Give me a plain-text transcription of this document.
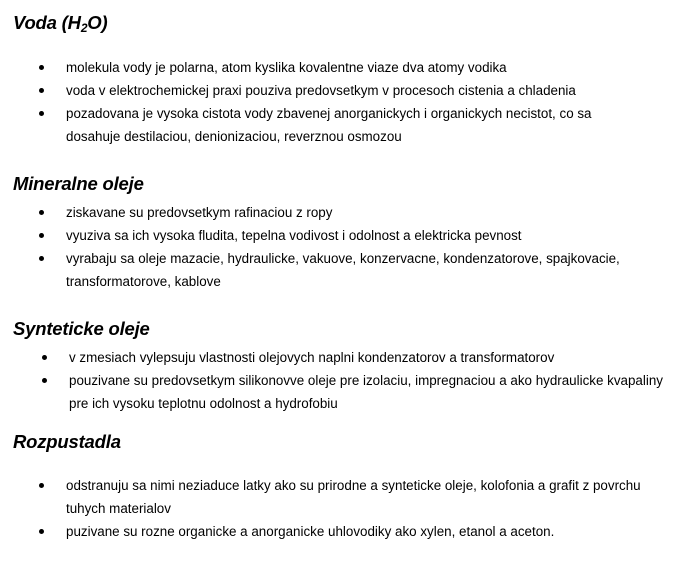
Voda $(H_2O)$
molekula vody je polarna, atom kyslika kovalentne viaze dva atomy vodika
voda v elektrochemickej praxi pouziva predovsetkym v procesoch cistenia a chladenia
pozadovana je vysoka cistota vody zbavenej anorganickych i organickych necistot, co sa dosahuje destilaciou, denionizaciou, reverznou osmozou
Mineralne oleje
ziskavane su predovsetkym rafinaciou z ropy
vyuziva sa ich vysoka fludita, tepelna vodivost i odolnost a elektricka pevnost
vyrabaju sa oleje mazacie, hydraulicke, vakuove, konzervacne, kondenzatorove, spajkovacie, transformatorove, kablove
Synteticke oleje
v zmesiach vylepsuju vlastnosti olejovych naplni kondenzatorov a transformatorov
pouzivane su predovsetkym silikonovve oleje pre izolaciu, impregnaciou a ako hydraulicke kvapaliny pre ich vysoku teplotnu odolnost a hydrofobiu
Rozpustadla
odstranuju sa nimi neziaduce latky ako su prirodne a synteticke oleje, kolofonia a grafit z povrchu tuhych materialov
puzivane su rozne organicke a anorganicke uhlovodiky ako xylen, etanol a aceton.
